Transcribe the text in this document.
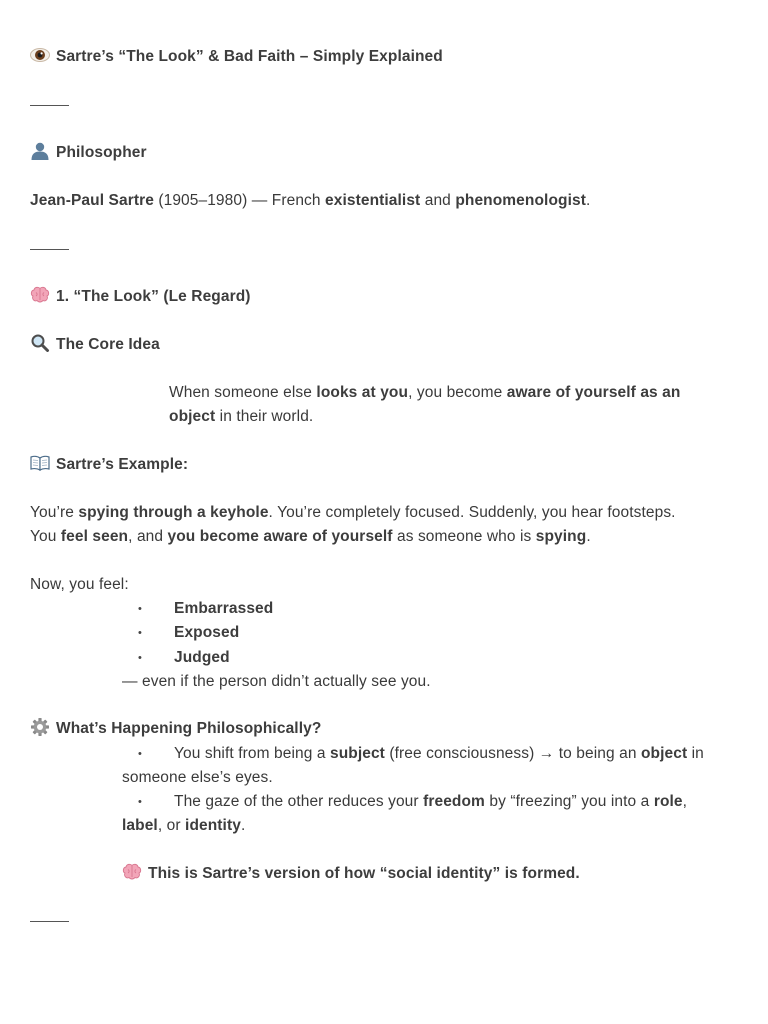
Sartre’s “The Look” & Bad Faith – Simply Explained
Philosopher
Jean-Paul Sartre (1905–1980) — French existentialist and phenomenologist.
1. “The Look” (Le Regard)
The Core Idea
When someone else looks at you, you become aware of yourself as an
object in their world.
Sartre’s Example:
You’re spying through a keyhole. You’re completely focused. Suddenly, you hear footsteps.
You feel seen, and you become aware of yourself as someone who is spying.
Now, you feel:
•	Embarrassed
•	Exposed
•	Judged
— even if the person didn’t actually see you.
What’s Happening Philosophically?
•	You shift from being a subject (free consciousness) → to being an object in
someone else’s eyes.
•	The gaze of the other reduces your freedom by “freezing” you into a role,
label, or identity.
This is Sartre’s version of how “social identity” is formed.
